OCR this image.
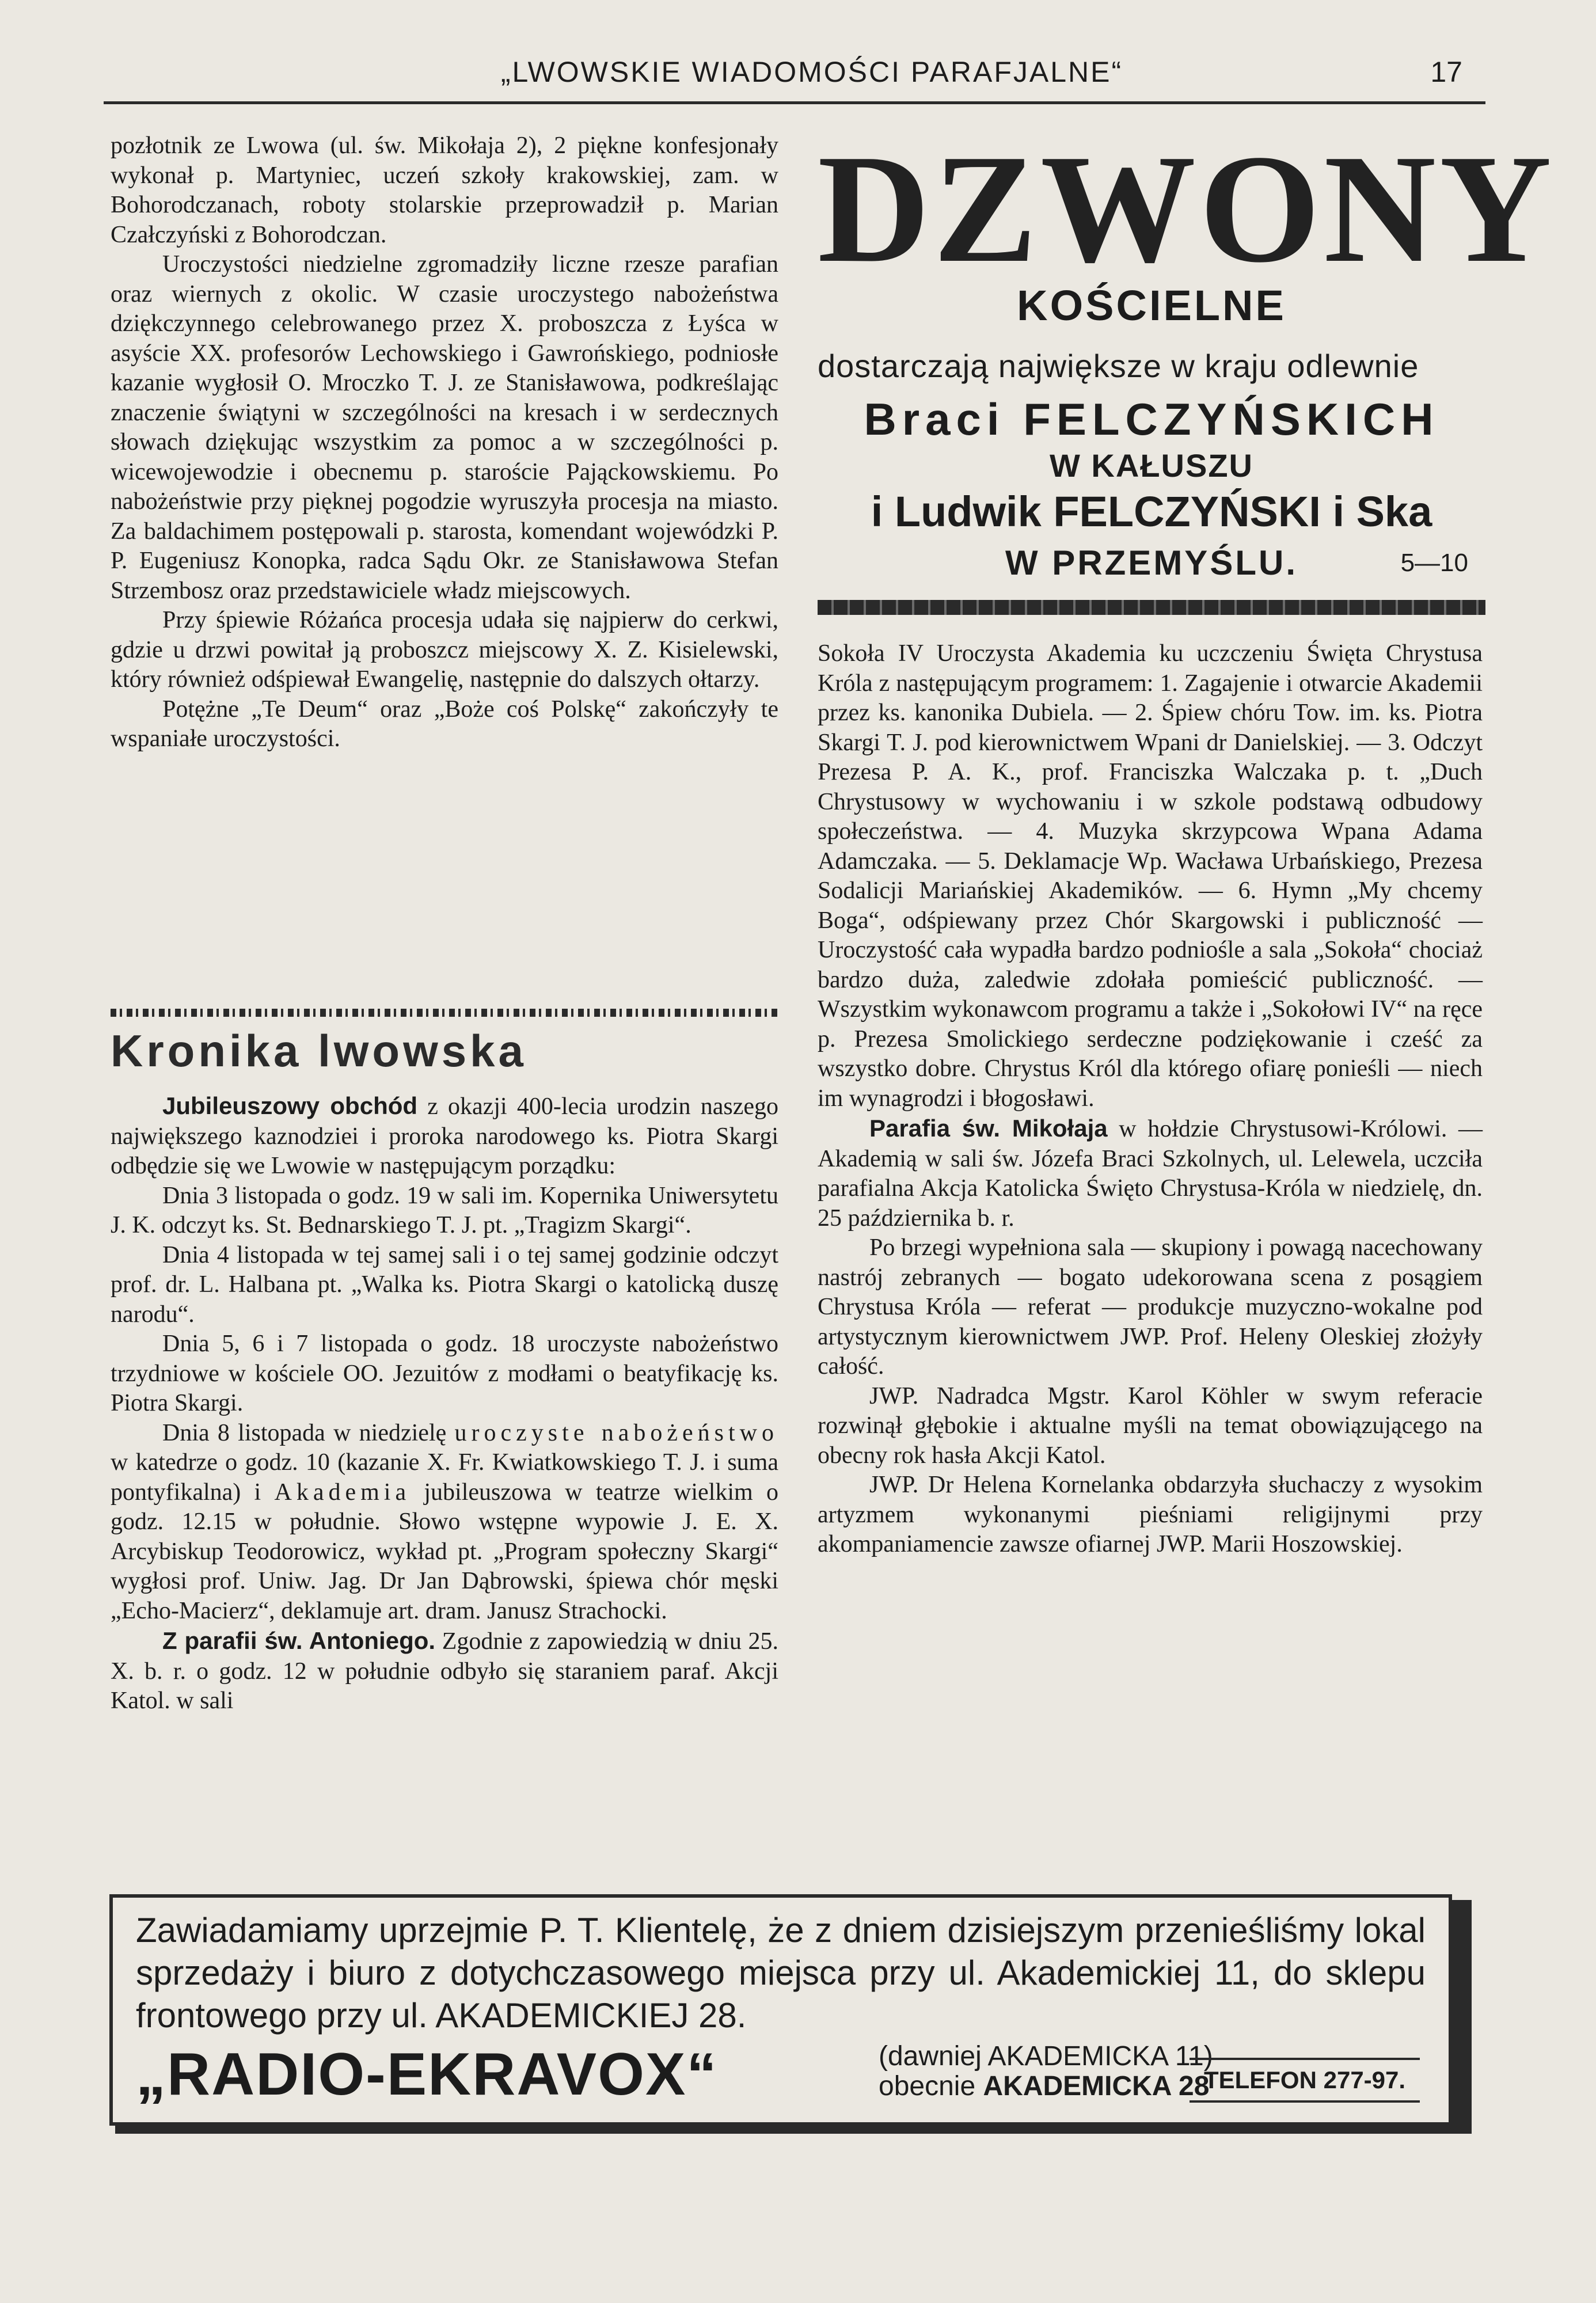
„LWOWSKIE WIADOMOŚCI PARAFJALNE“	17

pozłotnik ze Lwowa (ul. św. Mikołaja 2), 2 piękne konfesjonały wykonał p. Martyniec, uczeń szkoły krakowskiej, zam. w Bohorodczanach, roboty stolarskie przeprowadził p. Marian Czałczyński z Bohorodczan.

Uroczystości niedzielne zgromadziły liczne rzesze parafian oraz wiernych z okolic. W czasie uroczystego nabożeństwa dziękczynnego celebrowanego przez X. proboszcza z Łyśca w asyście XX. profesorów Lechowskiego i Gawrońskiego, podniosłe kazanie wygłosił O. Mroczko T. J. ze Stanisławowa, podkreślając znaczenie świątyni w szczególności na kresach i w serdecznych słowach dziękując wszystkim za pomoc a w szczególności p. wicewojewodzie i obecnemu p. staroście Pająckowskiemu. Po nabożeństwie przy pięknej pogodzie wyruszyła procesja na miasto. Za baldachimem postępowali p. starosta, komendant wojewódzki P. P. Eugeniusz Konopka, radca Sądu Okr. ze Stanisławowa Stefan Strzembosz oraz przedstawiciele władz miejscowych.

Przy śpiewie Różańca procesja udała się najpierw do cerkwi, gdzie u drzwi powitał ją proboszcz miejscowy X. Z. Kisielewski, który również odśpiewał Ewangelię, następnie do dalszych ołtarzy.

Potężne „Te Deum“ oraz „Boże coś Polskę“ zakończyły te wspaniałe uroczystości.

Kronika lwowska

Jubileuszowy obchód z okazji 400-lecia urodzin naszego największego kaznodziei i proroka narodowego ks. Piotra Skargi odbędzie się we Lwowie w następującym porządku:

Dnia 3 listopada o godz. 19 w sali im. Kopernika Uniwersytetu J. K. odczyt ks. St. Bednarskiego T. J. pt. „Tragizm Skargi“.

Dnia 4 listopada w tej samej sali i o tej samej godzinie odczyt prof. dr. L. Halbana pt. „Walka ks. Piotra Skargi o katolicką duszę narodu“.

Dnia 5, 6 i 7 listopada o godz. 18 uroczyste nabożeństwo trzydniowe w kościele OO. Jezuitów z modłami o beatyfikację ks. Piotra Skargi.

Dnia 8 listopada w niedzielę uroczyste nabożeństwo w katedrze o godz. 10 (kazanie X. Fr. Kwiatkowskiego T. J. i suma pontyfikalna) i Akademia jubileuszowa w teatrze wielkim o godz. 12.15 w południe. Słowo wstępne wypowie J. E. X. Arcybiskup Teodorowicz, wykład pt. „Program społeczny Skargi“ wygłosi prof. Uniw. Jag. Dr Jan Dąbrowski, śpiewa chór męski „Echo-Macierz“, deklamuje art. dram. Janusz Strachocki.

Z parafii św. Antoniego. Zgodnie z zapowiedzią w dniu 25. X. b. r. o godz. 12 w południe odbyło się staraniem paraf. Akcji Katol. w sali

DZWONY
KOŚCIELNE
dostarczają największe w kraju odlewnie
Braci FELCZYŃSKICH
W KAŁUSZU
i Ludwik FELCZYŃSKI i Ska
W PRZEMYŚLU.	5—10

Sokoła IV Uroczysta Akademia ku uczczeniu Święta Chrystusa Króla z następującym programem: 1. Zagajenie i otwarcie Akademii przez ks. kanonika Dubiela. — 2. Śpiew chóru Tow. im. ks. Piotra Skargi T. J. pod kierownictwem Wpani dr Danielskiej. — 3. Odczyt Prezesa P. A. K., prof. Franciszka Walczaka p. t. „Duch Chrystusowy w wychowaniu i w szkole podstawą odbudowy społeczeństwa. — 4. Muzyka skrzypcowa Wpana Adama Adamczaka. — 5. Deklamacje Wp. Wacława Urbańskiego, Prezesa Sodalicji Mariańskiej Akademików. — 6. Hymn „My chcemy Boga“, odśpiewany przez Chór Skargowski i publiczność — Uroczystość cała wypadła bardzo podniośle a sala „Sokoła“ chociaż bardzo duża, zaledwie zdołała pomieścić publiczność. — Wszystkim wykonawcom programu a także i „Sokołowi IV“ na ręce p. Prezesa Smolickiego serdeczne podziękowanie i cześć za wszystko dobre. Chrystus Król dla którego ofiarę ponieśli — niech im wynagrodzi i błogosławi.

Parafia św. Mikołaja w hołdzie Chrystusowi-Królowi. — Akademią w sali św. Józefa Braci Szkolnych, ul. Lelewela, uczciła parafialna Akcja Katolicka Święto Chrystusa-Króla w niedzielę, dn. 25 października b. r.

Po brzegi wypełniona sala — skupiony i powagą nacechowany nastrój zebranych — bogato udekorowana scena z posągiem Chrystusa Króla — referat — produkcje muzyczno-wokalne pod artystycznym kierownictwem JWP. Prof. Heleny Oleskiej złożyły całość.

JWP. Nadradca Mgstr. Karol Köhler w swym referacie rozwinął głębokie i aktualne myśli na temat obowiązującego na obecny rok hasła Akcji Katol.

JWP. Dr Helena Kornelanka obdarzyła słuchaczy z wysokim artyzmem wykonanymi pieśniami religijnymi przy akompaniamencie zawsze ofiarnej JWP. Marii Hoszowskiej.

Zawiadamiamy uprzejmie P. T. Klientelę, że z dniem dzisiejszym przenieśliśmy lokal sprzedaży i biuro z dotychczasowego miejsca przy ul. Akademickiej 11, do sklepu frontowego przy ul. AKADEMICKIEJ 28.
„RADIO-EKRAVOX“	(dawniej AKADEMICKA 11)
obecnie AKADEMICKA 28
TELEFON 277-97.
